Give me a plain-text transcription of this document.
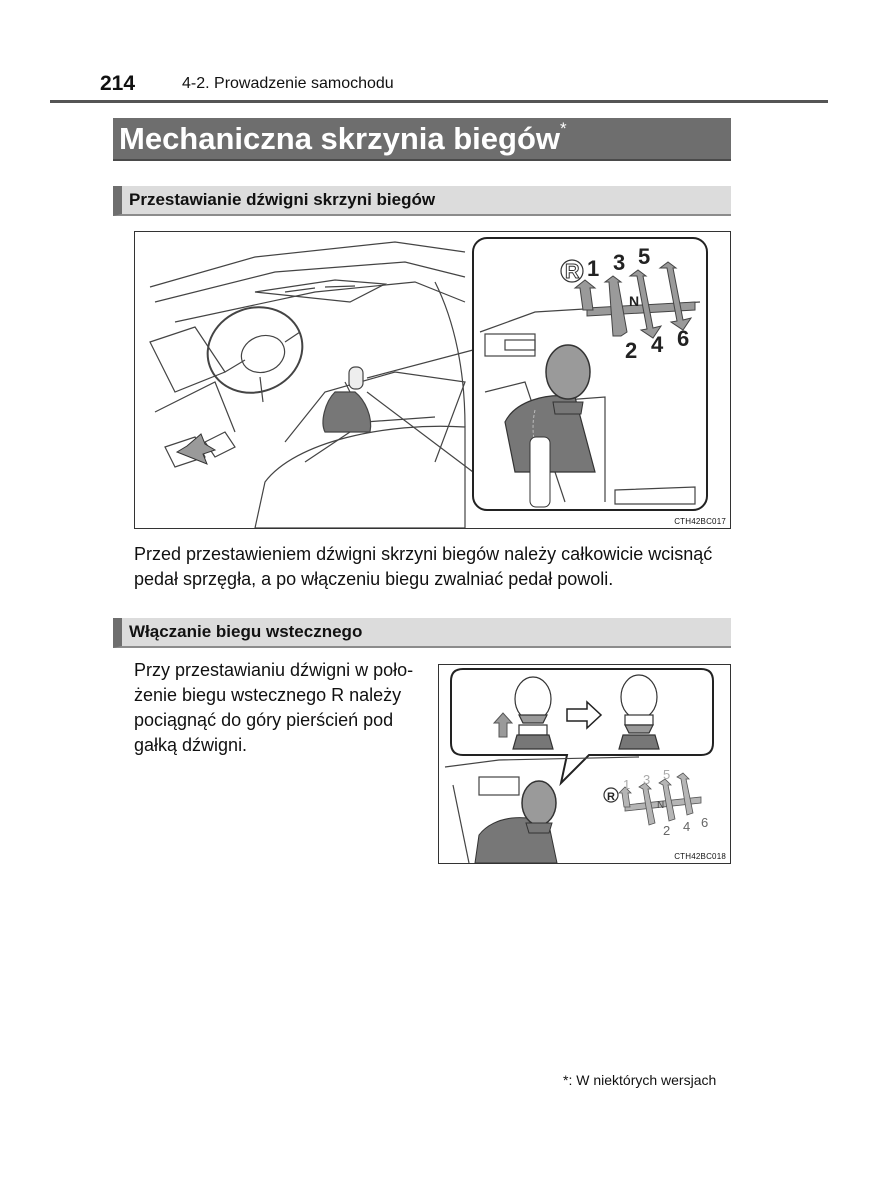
214	4-2. Prowadzenie samochodu
Mechaniczna skrzynia biegów*
Przestawianie dźwigni skrzyni biegów
R 1 3 5
N
2 4 6
CTH42BC017
Przed przestawieniem dźwigni skrzyni biegów należy całkowicie wcisnąć
pedał sprzęgła, a po włączeniu biegu zwalniać pedał powoli.
Włączanie biegu wstecznego
Przy przestawianiu dźwigni w poło-
żenie biegu wstecznego R należy
pociągnąć do góry pierścień pod
gałką dźwigni.
R
1 3 5
N
2 4 6
CTH42BC018
*: W niektórych wersjach
